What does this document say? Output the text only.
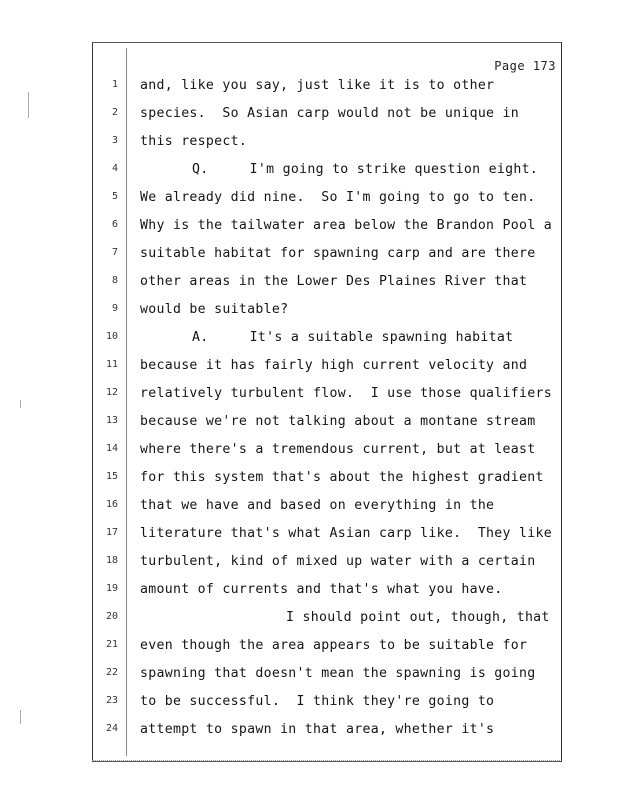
Page 173
1 and, like you say, just like it is to other
2 species.  So Asian carp would not be unique in
3 this respect.
4	Q.     I'm going to strike question eight.
5 We already did nine.  So I'm going to go to ten.
6 Why is the tailwater area below the Brandon Pool a
7 suitable habitat for spawning carp and are there
8 other areas in the Lower Des Plaines River that
9 would be suitable?
10	A.     It's a suitable spawning habitat
11 because it has fairly high current velocity and
12 relatively turbulent flow.  I use those qualifiers
13 because we're not talking about a montane stream
14 where there's a tremendous current, but at least
15 for this system that's about the highest gradient
16 that we have and based on everything in the
17 literature that's what Asian carp like.  They like
18 turbulent, kind of mixed up water with a certain
19 amount of currents and that's what you have.
20	I should point out, though, that
21 even though the area appears to be suitable for
22 spawning that doesn't mean the spawning is going
23 to be successful.  I think they're going to
24 attempt to spawn in that area, whether it's
